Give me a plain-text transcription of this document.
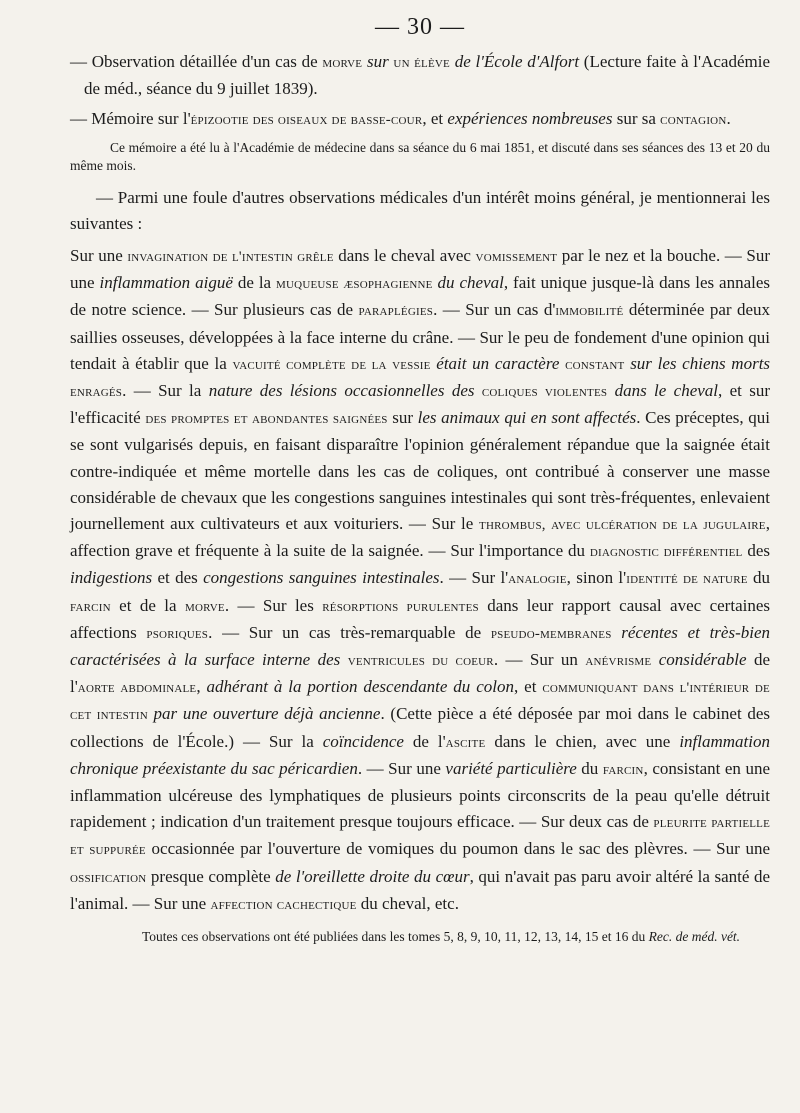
— 30 —

— Observation détaillée d'un cas de morve sur un élève de l'École d'Alfort (Lecture faite à l'Académie de méd., séance du 9 juillet 1839).

— Mémoire sur l'épizootie des oiseaux de basse-cour, et expériences nombreuses sur sa contagion.

Ce mémoire a été lu à l'Académie de médecine dans sa séance du 6 mai 1851, et discuté dans ses séances des 13 et 20 du même mois.

— Parmi une foule d'autres observations médicales d'un intérêt moins général, je mentionnerai les suivantes :

Sur une invagination de l'intestin grêle dans le cheval avec vomissement par le nez et la bouche. — Sur une inflammation aiguë de la muqueuse æsophagienne du cheval, fait unique jusque-là dans les annales de notre science. — Sur plusieurs cas de paraplégies. — Sur un cas d'immobilité déterminée par deux saillies osseuses, développées à la face interne du crâne. — Sur le peu de fondement d'une opinion qui tendait à établir que la vacuité complète de la vessie était un caractère constant sur les chiens morts enragés. — Sur la nature des lésions occasionnelles des coliques violentes dans le cheval, et sur l'efficacité des promptes et abondantes saignées sur les animaux qui en sont affectés. Ces préceptes, qui se sont vulgarisés depuis, en faisant disparaître l'opinion généralement répandue que la saignée était contre-indiquée et même mortelle dans les cas de coliques, ont contribué à conserver une masse considérable de chevaux que les congestions sanguines intestinales qui sont très-fréquentes, enlevaient journellement aux cultivateurs et aux voituriers. — Sur le thrombus, avec ulcération de la jugulaire, affection grave et fréquente à la suite de la saignée. — Sur l'importance du diagnostic différentiel des indigestions et des congestions sanguines intestinales. — Sur l'analogie, sinon l'identité de nature du farcin et de la morve. — Sur les résorptions purulentes dans leur rapport causal avec certaines affections psoriques. — Sur un cas très-remarquable de pseudo-membranes récentes et très-bien caractérisées à la surface interne des ventricules du coeur. — Sur un anévrisme considérable de l'aorte abdominale, adhérant à la portion descendante du colon, et communiquant dans l'intérieur de cet intestin par une ouverture déjà ancienne. (Cette pièce a été déposée par moi dans le cabinet des collections de l'École.) — Sur la coïncidence de l'ascite dans le chien, avec une inflammation chronique préexistante du sac péricardien. — Sur une variété particulière du farcin, consistant en une inflammation ulcéreuse des lymphatiques de plusieurs points circonscrits de la peau qu'elle détruit rapidement ; indication d'un traitement presque toujours efficace. — Sur deux cas de pleurite partielle et suppurée occasionnée par l'ouverture de vomiques du poumon dans le sac des plèvres. — Sur une ossification presque complète de l'oreillette droite du cœur, qui n'avait pas paru avoir altéré la santé de l'animal. — Sur une affection cachectique du cheval, etc.

Toutes ces observations ont été publiées dans les tomes 5, 8, 9, 10, 11, 12, 13, 14, 15 et 16 du Rec. de méd. vét.
